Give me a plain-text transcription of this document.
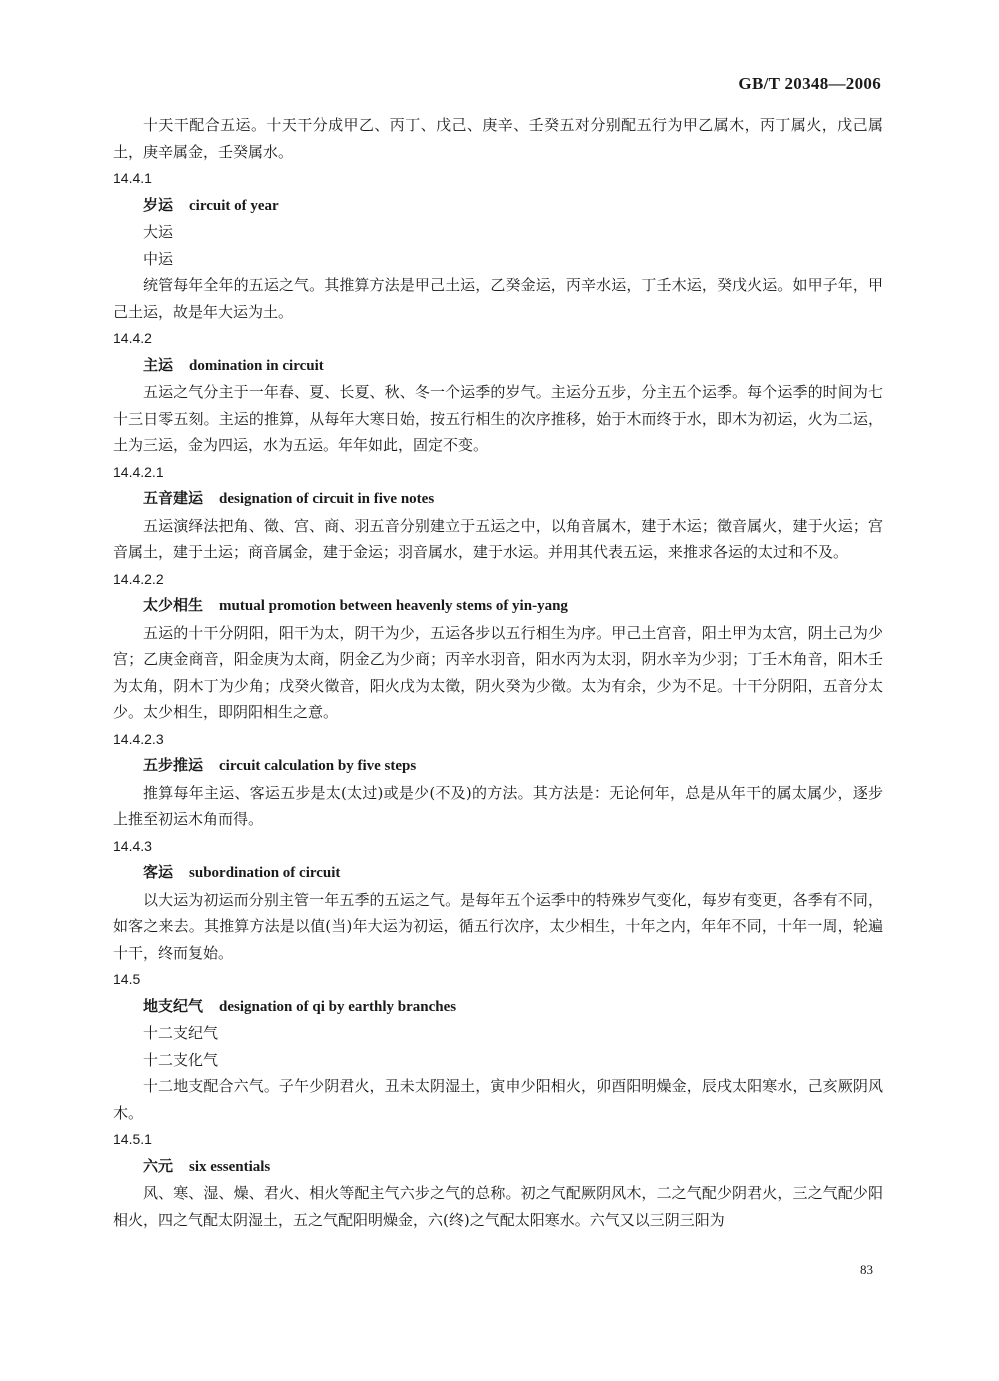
GB/T 20348—2006

十天干配合五运。十天干分成甲乙、丙丁、戊己、庚辛、壬癸五对分别配五行为甲乙属木，丙丁属火，戊己属土，庚辛属金，壬癸属水。

14.4.1

岁运 circuit of year

大运

中运

统管每年全年的五运之气。其推算方法是甲己土运，乙癸金运，丙辛水运，丁壬木运，癸戊火运。如甲子年，甲己土运，故是年大运为土。

14.4.2

主运 domination in circuit

五运之气分主于一年春、夏、长夏、秋、冬一个运季的岁气。主运分五步，分主五个运季。每个运季的时间为七十三日零五刻。主运的推算，从每年大寒日始，按五行相生的次序推移，始于木而终于水，即木为初运，火为二运，土为三运，金为四运，水为五运。年年如此，固定不变。

14.4.2.1

五音建运 designation of circuit in five notes

五运演绎法把角、徵、宫、商、羽五音分别建立于五运之中，以角音属木，建于木运；徵音属火，建于火运；宫音属土，建于土运；商音属金，建于金运；羽音属水，建于水运。并用其代表五运，来推求各运的太过和不及。

14.4.2.2

太少相生 mutual promotion between heavenly stems of yin-yang

五运的十干分阴阳，阳干为太，阴干为少，五运各步以五行相生为序。甲己土宫音，阳土甲为太宫，阴土己为少宫；乙庚金商音，阳金庚为太商，阴金乙为少商；丙辛水羽音，阳水丙为太羽，阴水辛为少羽；丁壬木角音，阳木壬为太角，阴木丁为少角；戊癸火徵音，阳火戊为太徵，阴火癸为少徵。太为有余，少为不足。十干分阴阳，五音分太少。太少相生，即阴阳相生之意。

14.4.2.3

五步推运 circuit calculation by five steps

推算每年主运、客运五步是太(太过)或是少(不及)的方法。其方法是：无论何年，总是从年干的属太属少，逐步上推至初运木角而得。

14.4.3

客运 subordination of circuit

以大运为初运而分别主管一年五季的五运之气。是每年五个运季中的特殊岁气变化，每岁有变更，各季有不同，如客之来去。其推算方法是以值(当)年大运为初运，循五行次序，太少相生，十年之内，年年不同，十年一周，轮遍十干，终而复始。

14.5

地支纪气 designation of qi by earthly branches

十二支纪气

十二支化气

十二地支配合六气。子午少阴君火，丑未太阴湿土，寅申少阳相火，卯酉阳明燥金，辰戌太阳寒水，己亥厥阴风木。

14.5.1

六元 six essentials

风、寒、湿、燥、君火、相火等配主气六步之气的总称。初之气配厥阴风木，二之气配少阴君火，三之气配少阳相火，四之气配太阴湿土，五之气配阳明燥金，六(终)之气配太阳寒水。六气又以三阴三阳为

83
